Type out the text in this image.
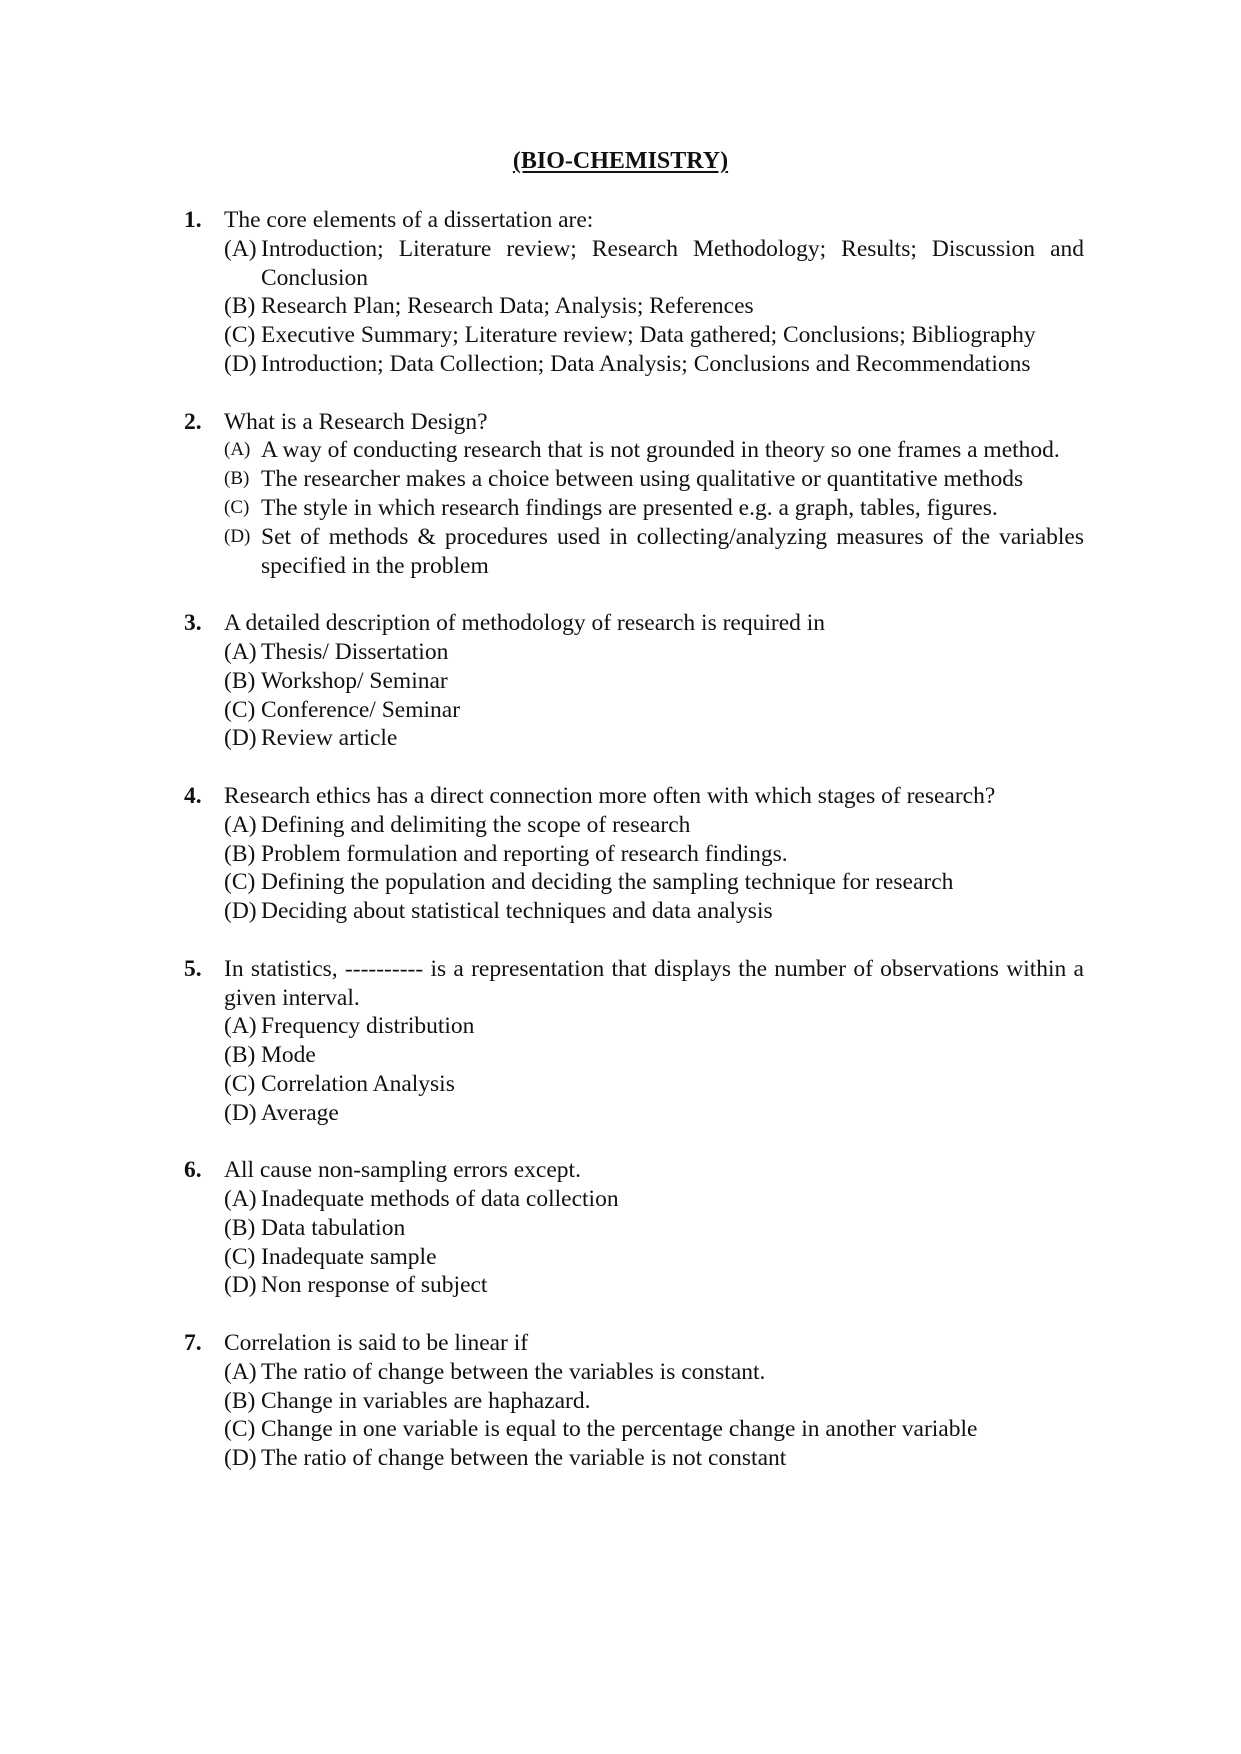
(BIO-CHEMISTRY)
1. The core elements of a dissertation are:
(A) Introduction; Literature review; Research Methodology; Results; Discussion and Conclusion
(B) Research Plan; Research Data; Analysis; References
(C) Executive Summary; Literature review; Data gathered; Conclusions; Bibliography
(D) Introduction; Data Collection; Data Analysis; Conclusions and Recommendations
2. What is a Research Design?
(A) A way of conducting research that is not grounded in theory so one frames a method.
(B) The researcher makes a choice between using qualitative or quantitative methods
(C) The style in which research findings are presented e.g. a graph, tables, figures.
(D) Set of methods & procedures used in collecting/analyzing measures of the variables specified in the problem
3. A detailed description of methodology of research is required in
(A) Thesis/ Dissertation
(B) Workshop/ Seminar
(C) Conference/ Seminar
(D) Review article
4. Research ethics has a direct connection more often with which stages of research?
(A) Defining and delimiting the scope of research
(B) Problem formulation and reporting of research findings.
(C) Defining the population and deciding the sampling technique for research
(D) Deciding about statistical techniques and data analysis
5. In statistics, ---------- is a representation that displays the number of observations within a given interval.
(A) Frequency distribution
(B) Mode
(C) Correlation Analysis
(D) Average
6. All cause non-sampling errors except.
(A) Inadequate methods of data collection
(B) Data tabulation
(C) Inadequate sample
(D) Non response of subject
7. Correlation is said to be linear if
(A) The ratio of change between the variables is constant.
(B) Change in variables are haphazard.
(C) Change in one variable is equal to the percentage change in another variable
(D) The ratio of change between the variable is not constant
